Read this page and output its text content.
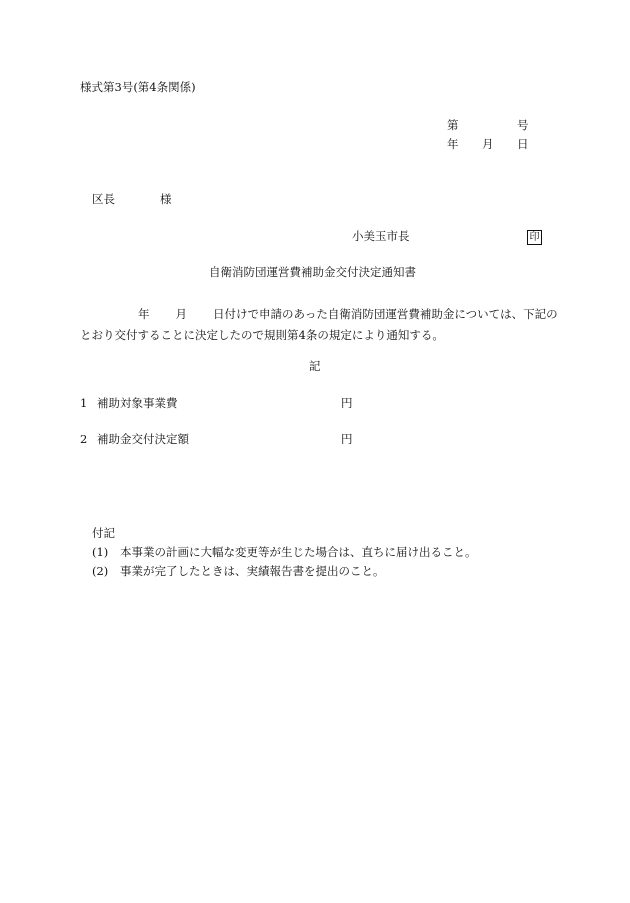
様式第3号(第4条関係)
第	号
年 月 日
区長	様
小美玉市長	印
自衛消防団運営費補助金交付決定通知書
年 月 日付けで申請のあった自衛消防団運営費補助金については、下記の
とおり交付することに決定したので規則第4条の規定により通知する。
記
1 補助対象事業費	円
2 補助金交付決定額	円
付記
(1) 本事業の計画に大幅な変更等が生じた場合は、直ちに届け出ること。
(2) 事業が完了したときは、実績報告書を提出のこと。
